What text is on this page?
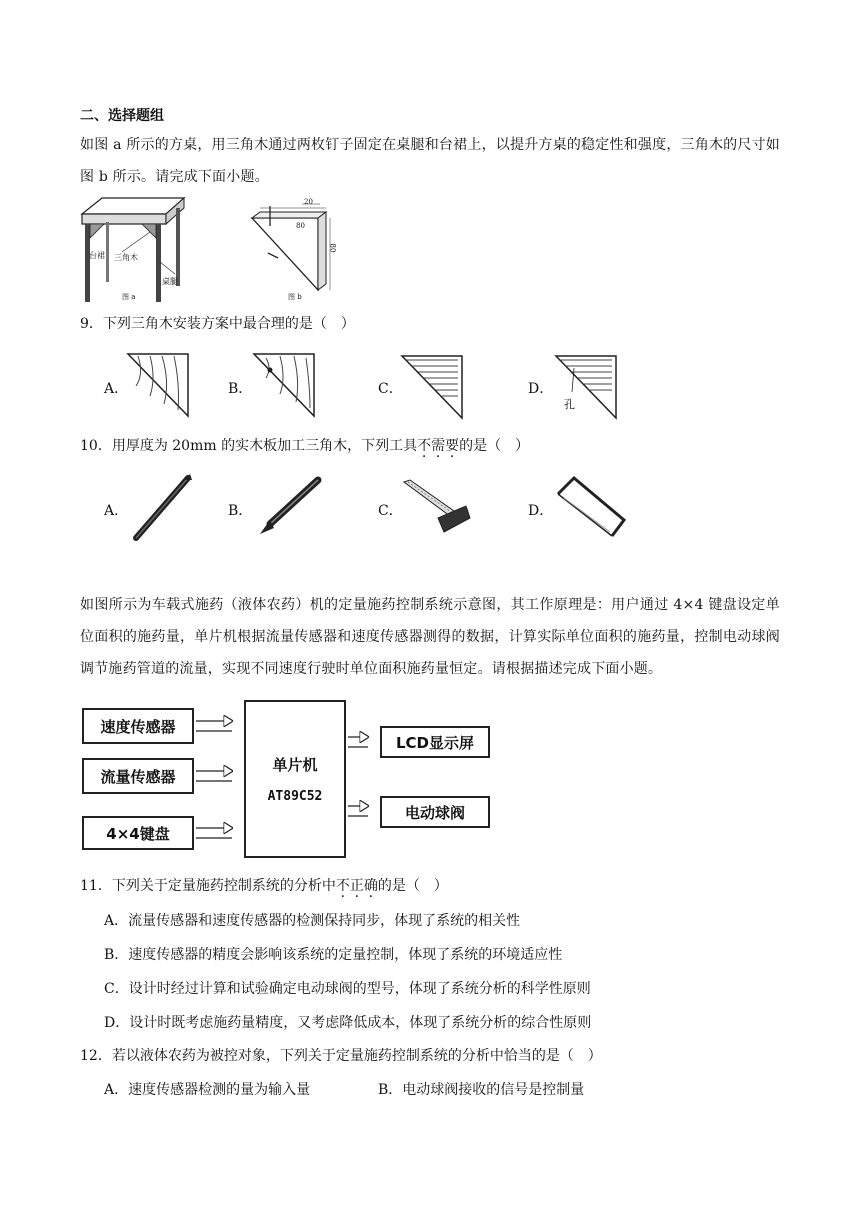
二、选择题组
如图 a 所示的方桌，用三角木通过两枚钉子固定在桌腿和台裙上，以提升方桌的稳定性和强度，三角木的尺寸如图 b 所示。请完成下面小题。
台裙 三角木
桌腿
图 a
20
80
80
图 b
9．下列三角木安装方案中最合理的是（　）
A．	B．	C．	D．
孔
10．用厚度为 20mm 的实木板加工三角木，下列工具不需要的是（　）
A．	B．	C．	D．
如图所示为车载式施药（液体农药）机的定量施药控制系统示意图，其工作原理是：用户通过 4×4 键盘设定单位面积的施药量，单片机根据流量传感器和速度传感器测得的数据，计算实际单位面积的施药量，控制电动球阀调节施药管道的流量，实现不同速度行驶时单位面积施药量恒定。请根据描述完成下面小题。
速度传感器
流量传感器
4×4键盘
单片机
AT89C52
LCD显示屏
电动球阀
11．下列关于定量施药控制系统的分析中不正确的是（　）
A．流量传感器和速度传感器的检测保持同步，体现了系统的相关性
B．速度传感器的精度会影响该系统的定量控制，体现了系统的环境适应性
C．设计时经过计算和试验确定电动球阀的型号，体现了系统分析的科学性原则
D．设计时既考虑施药量精度，又考虑降低成本，体现了系统分析的综合性原则
12．若以液体农药为被控对象，下列关于定量施药控制系统的分析中恰当的是（　）
A．速度传感器检测的量为输入量	B．电动球阀接收的信号是控制量
